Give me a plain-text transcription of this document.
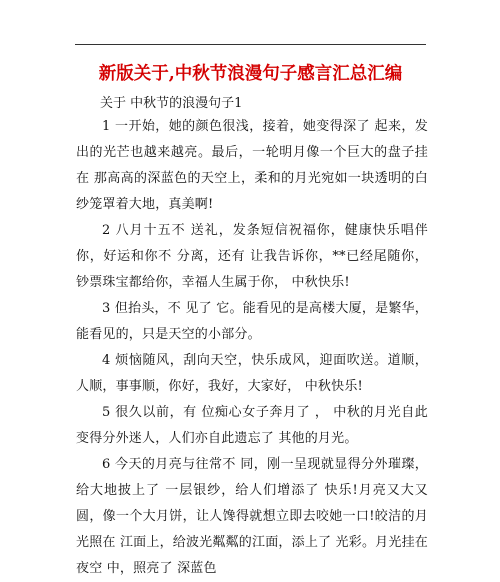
新版关于,中秋节浪漫句子感言汇总汇编
关于 中秋节的浪漫句子1

1 一开始，她的颜色很浅，接着，她变得深了 起来，发出的光芒也越来越亮。最后，一轮明月像一个巨大的盘子挂在 那高高的深蓝色的天空上，柔和的月光宛如一块透明的白纱笼罩着大地，真美啊!

2 八月十五不 送礼，发条短信祝福你，健康快乐唱伴你，好运和你不 分离，还有 让我告诉你，**已经尾随你，钞票珠宝都给你，幸福人生属于你， 中秋快乐!

3 但抬头，不 见了 它。能看见的是高楼大厦，是繁华，能看见的，只是天空的小部分。

4 烦恼随风，刮向天空，快乐成风，迎面吹送。道顺，人顺，事事顺，你好，我好，大家好， 中秋快乐!

5 很久以前，有 位痴心女子奔月了 ， 中秋的月光自此变得分外迷人，人们亦自此遗忘了 其他的月光。

6 今天的月亮与往常不 同，刚一呈现就显得分外璀璨，给大地披上了 一层银纱，给人们增添了 快乐!月亮又大又圆，像一个大月饼，让人馋得就想立即去咬她一口!皎洁的月光照在 江面上，给波光粼粼的江面，添上了 光彩。月光挂在 夜空 中，照亮了 深蓝色
